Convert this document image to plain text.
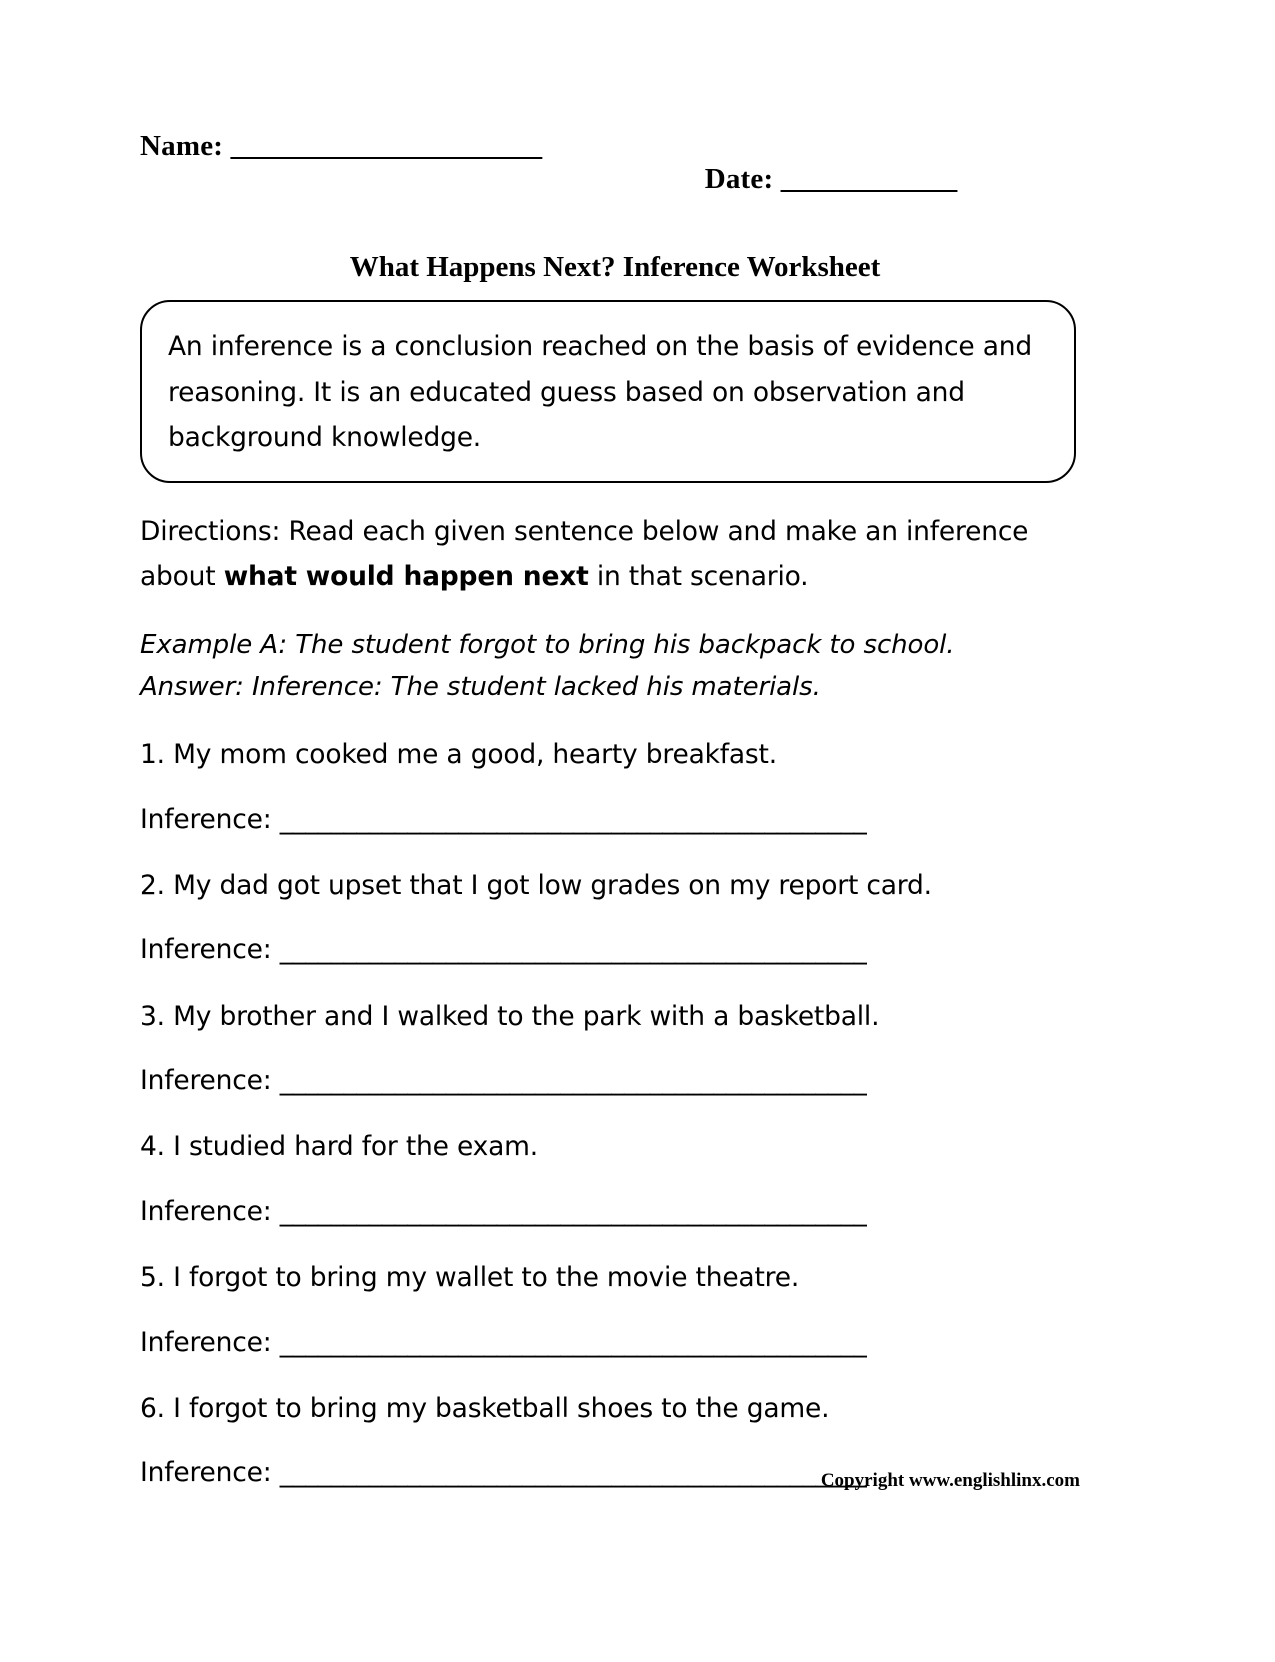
Name: _______________________

Date: _____________

What Happens Next? Inference Worksheet
An inference is a conclusion reached on the basis of evidence and reasoning. It is an educated guess based on observation and background knowledge.
Directions: Read each given sentence below and make an inference about what would happen next in that scenario.
Example A: The student forgot to bring his backpack to school.
Answer: Inference: The student lacked his materials.
1. My mom cooked me a good, hearty breakfast.
Inference: ______________________________________________
2. My dad got upset that I got low grades on my report card.
Inference: ______________________________________________
3. My brother and I walked to the park with a basketball.
Inference: ______________________________________________
4. I studied hard for the exam.
Inference: ______________________________________________
5. I forgot to bring my wallet to the movie theatre.
Inference: ______________________________________________
6. I forgot to bring my basketball shoes to the game.
Inference: ______________________________________________
Copyright www.englishlinx.com
